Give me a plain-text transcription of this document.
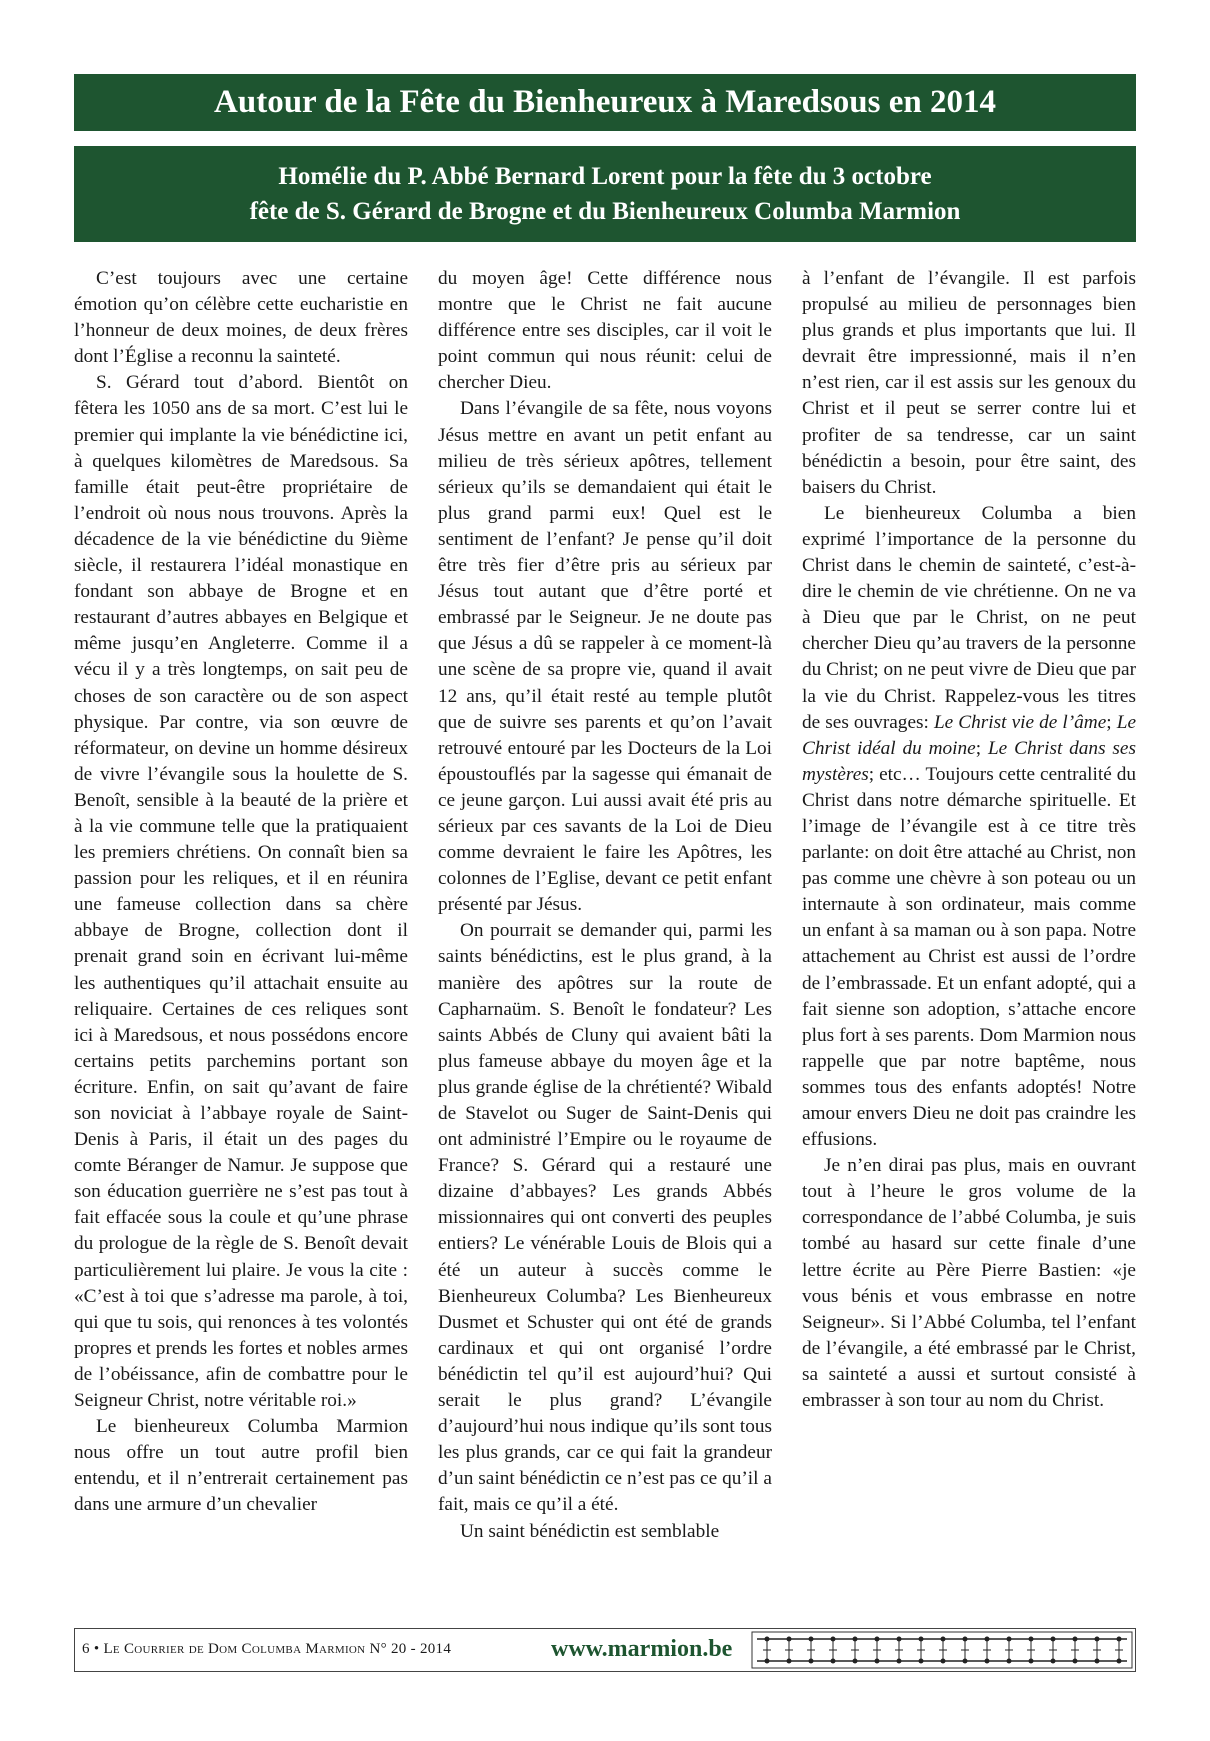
Autour de la Fête du Bienheureux à Maredsous en 2014
Homélie du P. Abbé Bernard Lorent pour la fête du 3 octobre
fête de S. Gérard de Brogne et du Bienheureux Columba Marmion

C’est toujours avec une certaine émotion qu’on célèbre cette eucharistie en l’honneur de deux moines, de deux frères dont l’Église a reconnu la sainteté.

S. Gérard tout d’abord. Bientôt on fêtera les 1050 ans de sa mort. C’est lui le premier qui implante la vie bénédictine ici, à quelques kilomètres de Maredsous. Sa famille était peut-être propriétaire de l’endroit où nous nous trouvons. Après la décadence de la vie bénédictine du 9ième siècle, il restaurera l’idéal monastique en fondant son abbaye de Brogne et en restaurant d’autres abbayes en Belgique et même jusqu’en Angleterre. Comme il a vécu il y a très longtemps, on sait peu de choses de son caractère ou de son aspect physique. Par contre, via son œuvre de réformateur, on devine un homme désireux de vivre l’évangile sous la houlette de S. Benoît, sensible à la beauté de la prière et à la vie commune telle que la pratiquaient les premiers chrétiens. On connaît bien sa passion pour les reliques, et il en réunira une fameuse collection dans sa chère abbaye de Brogne, collection dont il prenait grand soin en écrivant lui-même les authentiques qu’il attachait ensuite au reliquaire. Certaines de ces reliques sont ici à Maredsous, et nous possédons encore certains petits parchemins portant son écriture. Enfin, on sait qu’avant de faire son noviciat à l’abbaye royale de Saint-Denis à Paris, il était un des pages du comte Béranger de Namur. Je suppose que son éducation guerrière ne s’est pas tout à fait effacée sous la coule et qu’une phrase du prologue de la règle de S. Benoît devait particulièrement lui plaire. Je vous la cite : «C’est à toi que s’adresse ma parole, à toi, qui que tu sois, qui renonces à tes volontés propres et prends les fortes et nobles armes de l’obéissance, afin de combattre pour le Seigneur Christ, notre véritable roi.»

Le bienheureux Columba Marmion nous offre un tout autre profil bien entendu, et il n’entrerait certainement pas dans une armure d’un chevalier

du moyen âge! Cette différence nous montre que le Christ ne fait aucune différence entre ses disciples, car il voit le point commun qui nous réunit: celui de chercher Dieu.

Dans l’évangile de sa fête, nous voyons Jésus mettre en avant un petit enfant au milieu de très sérieux apôtres, tellement sérieux qu’ils se demandaient qui était le plus grand parmi eux! Quel est le sentiment de l’enfant? Je pense qu’il doit être très fier d’être pris au sérieux par Jésus tout autant que d’être porté et embrassé par le Seigneur. Je ne doute pas que Jésus a dû se rappeler à ce moment-là une scène de sa propre vie, quand il avait 12 ans, qu’il était resté au temple plutôt que de suivre ses parents et qu’on l’avait retrouvé entouré par les Docteurs de la Loi époustouflés par la sagesse qui émanait de ce jeune garçon. Lui aussi avait été pris au sérieux par ces savants de la Loi de Dieu comme devraient le faire les Apôtres, les colonnes de l’Eglise, devant ce petit enfant présenté par Jésus.

On pourrait se demander qui, parmi les saints bénédictins, est le plus grand, à la manière des apôtres sur la route de Capharnaüm. S. Benoît le fondateur? Les saints Abbés de Cluny qui avaient bâti la plus fameuse abbaye du moyen âge et la plus grande église de la chrétienté? Wibald de Stavelot ou Suger de Saint-Denis qui ont administré l’Empire ou le royaume de France? S. Gérard qui a restauré une dizaine d’abbayes? Les grands Abbés missionnaires qui ont converti des peuples entiers? Le vénérable Louis de Blois qui a été un auteur à succès comme le Bienheureux Columba? Les Bienheureux Dusmet et Schuster qui ont été de grands cardinaux et qui ont organisé l’ordre bénédictin tel qu’il est aujourd’hui? Qui serait le plus grand? L’évangile d’aujourd’hui nous indique qu’ils sont tous les plus grands, car ce qui fait la grandeur d’un saint bénédictin ce n’est pas ce qu’il a fait, mais ce qu’il a été.

Un saint bénédictin est semblable

à l’enfant de l’évangile. Il est parfois propulsé au milieu de personnages bien plus grands et plus importants que lui. Il devrait être impressionné, mais il n’en n’est rien, car il est assis sur les genoux du Christ et il peut se serrer contre lui et profiter de sa tendresse, car un saint bénédictin a besoin, pour être saint, des baisers du Christ.

Le bienheureux Columba a bien exprimé l’importance de la personne du Christ dans le chemin de sainteté, c’est-à-dire le chemin de vie chrétienne. On ne va à Dieu que par le Christ, on ne peut chercher Dieu qu’au travers de la personne du Christ; on ne peut vivre de Dieu que par la vie du Christ. Rappelez-vous les titres de ses ouvrages: Le Christ vie de l’âme; Le Christ idéal du moine; Le Christ dans ses mystères; etc… Toujours cette centralité du Christ dans notre démarche spirituelle. Et l’image de l’évangile est à ce titre très parlante: on doit être attaché au Christ, non pas comme une chèvre à son poteau ou un internaute à son ordinateur, mais comme un enfant à sa maman ou à son papa. Notre attachement au Christ est aussi de l’ordre de l’embrassade. Et un enfant adopté, qui a fait sienne son adoption, s’attache encore plus fort à ses parents. Dom Marmion nous rappelle que par notre baptême, nous sommes tous des enfants adoptés! Notre amour envers Dieu ne doit pas craindre les effusions.

Je n’en dirai pas plus, mais en ouvrant tout à l’heure le gros volume de la correspondance de l’abbé Columba, je suis tombé au hasard sur cette finale d’une lettre écrite au Père Pierre Bastien: «je vous bénis et vous embrasse en notre Seigneur». Si l’Abbé Columba, tel l’enfant de l’évangile, a été embrassé par le Christ, sa sainteté a aussi et surtout consisté à embrasser à son tour au nom du Christ.

6 • Le Courrier de Dom Columba Marmion N° 20 - 2014	www.marmion.be
